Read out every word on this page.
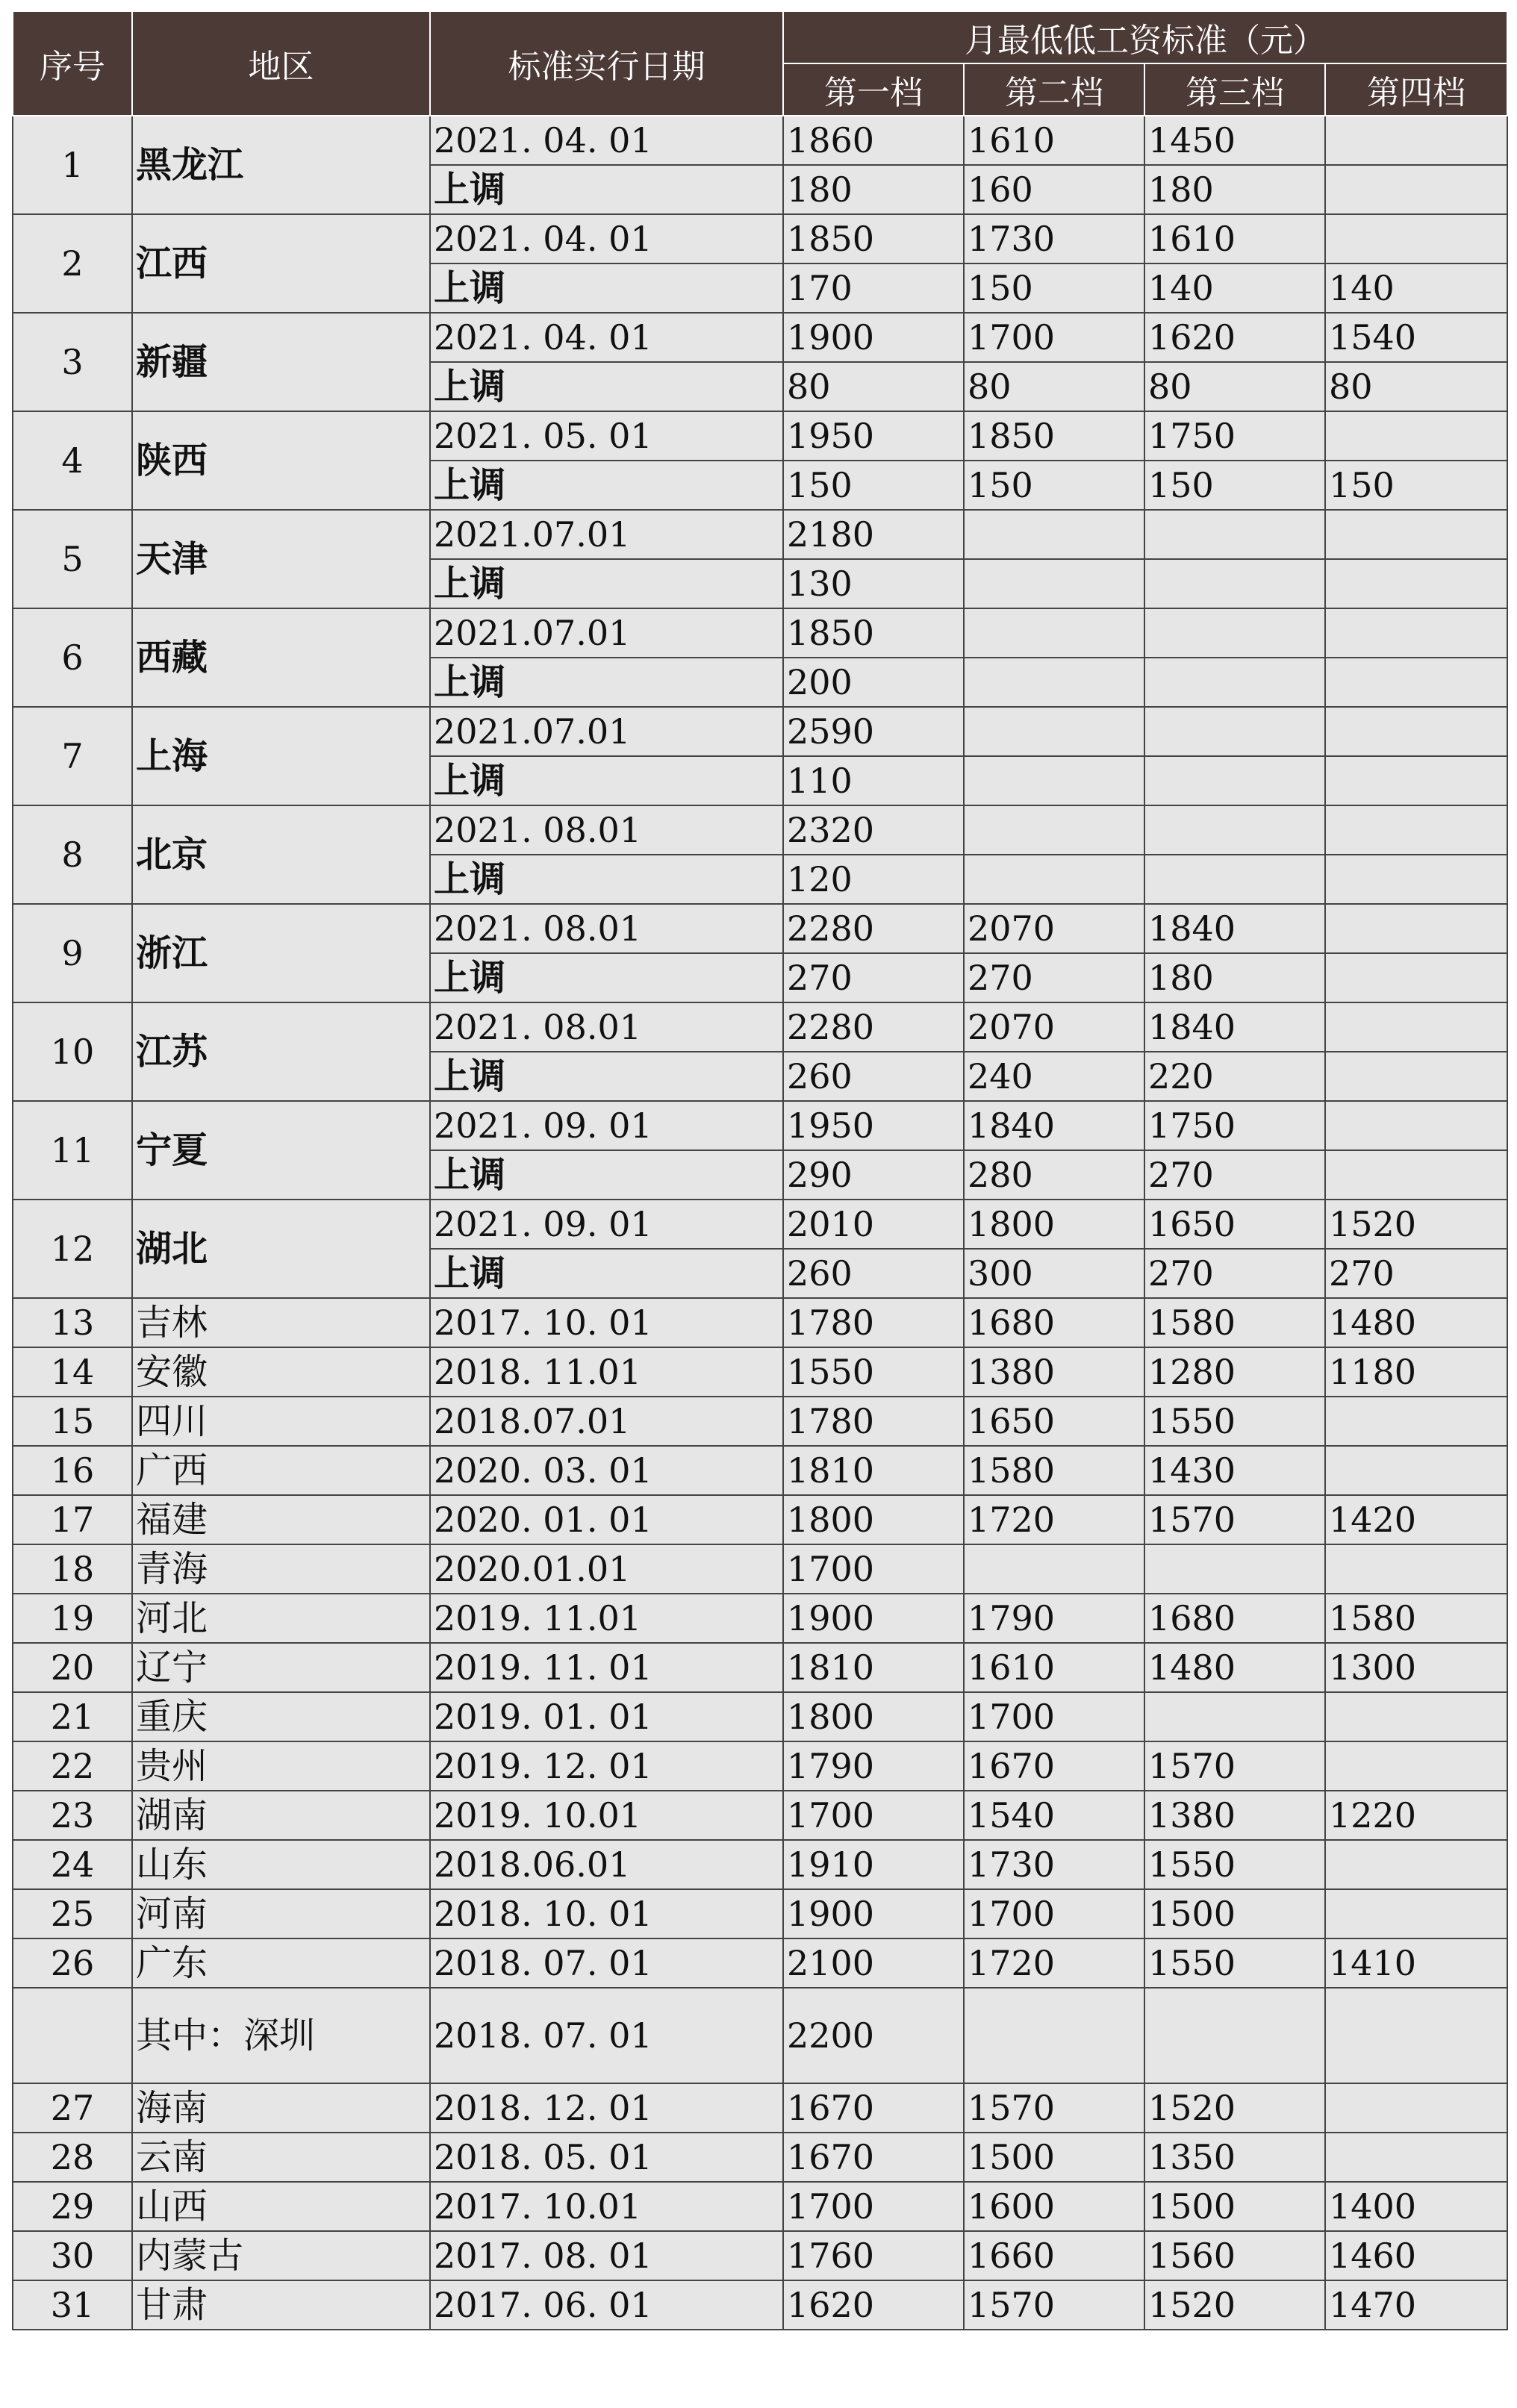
序号	地区	标准实行日期	月最低低工资标准（元）			
			第一档	第二档	第三档	第四档
1	黑龙江	2021. 04. 01	1860	1610	1450	
		上调	180	160	180	
2	江西	2021. 04. 01	1850	1730	1610	
		上调	170	150	140	140
3	新疆	2021. 04. 01	1900	1700	1620	1540
		上调	80	80	80	80
4	陕西	2021. 05. 01	1950	1850	1750	
		上调	150	150	150	150
5	天津	2021.07.01	2180			
		上调	130			
6	西藏	2021.07.01	1850			
		上调	200			
7	上海	2021.07.01	2590			
		上调	110			
8	北京	2021. 08.01	2320			
		上调	120			
9	浙江	2021. 08.01	2280	2070	1840	
		上调	270	270	180	
10	江苏	2021. 08.01	2280	2070	1840	
		上调	260	240	220	
11	宁夏	2021. 09. 01	1950	1840	1750	
		上调	290	280	270	
12	湖北	2021. 09. 01	2010	1800	1650	1520
		上调	260	300	270	270
13	吉林	2017. 10. 01	1780	1680	1580	1480
14	安徽	2018. 11.01	1550	1380	1280	1180
15	四川	2018.07.01	1780	1650	1550	
16	广西	2020. 03. 01	1810	1580	1430	
17	福建	2020. 01. 01	1800	1720	1570	1420
18	青海	2020.01.01	1700			
19	河北	2019. 11.01	1900	1790	1680	1580
20	辽宁	2019. 11. 01	1810	1610	1480	1300
21	重庆	2019. 01. 01	1800	1700		
22	贵州	2019. 12. 01	1790	1670	1570	
23	湖南	2019. 10.01	1700	1540	1380	1220
24	山东	2018.06.01	1910	1730	1550	
25	河南	2018. 10. 01	1900	1700	1500	
26	广东	2018. 07. 01	2100	1720	1550	1410
	其中：深圳	2018. 07. 01	2200			
27	海南	2018. 12. 01	1670	1570	1520	
28	云南	2018. 05. 01	1670	1500	1350	
29	山西	2017. 10.01	1700	1600	1500	1400
30	内蒙古	2017. 08. 01	1760	1660	1560	1460
31	甘肃	2017. 06. 01	1620	1570	1520	1470
